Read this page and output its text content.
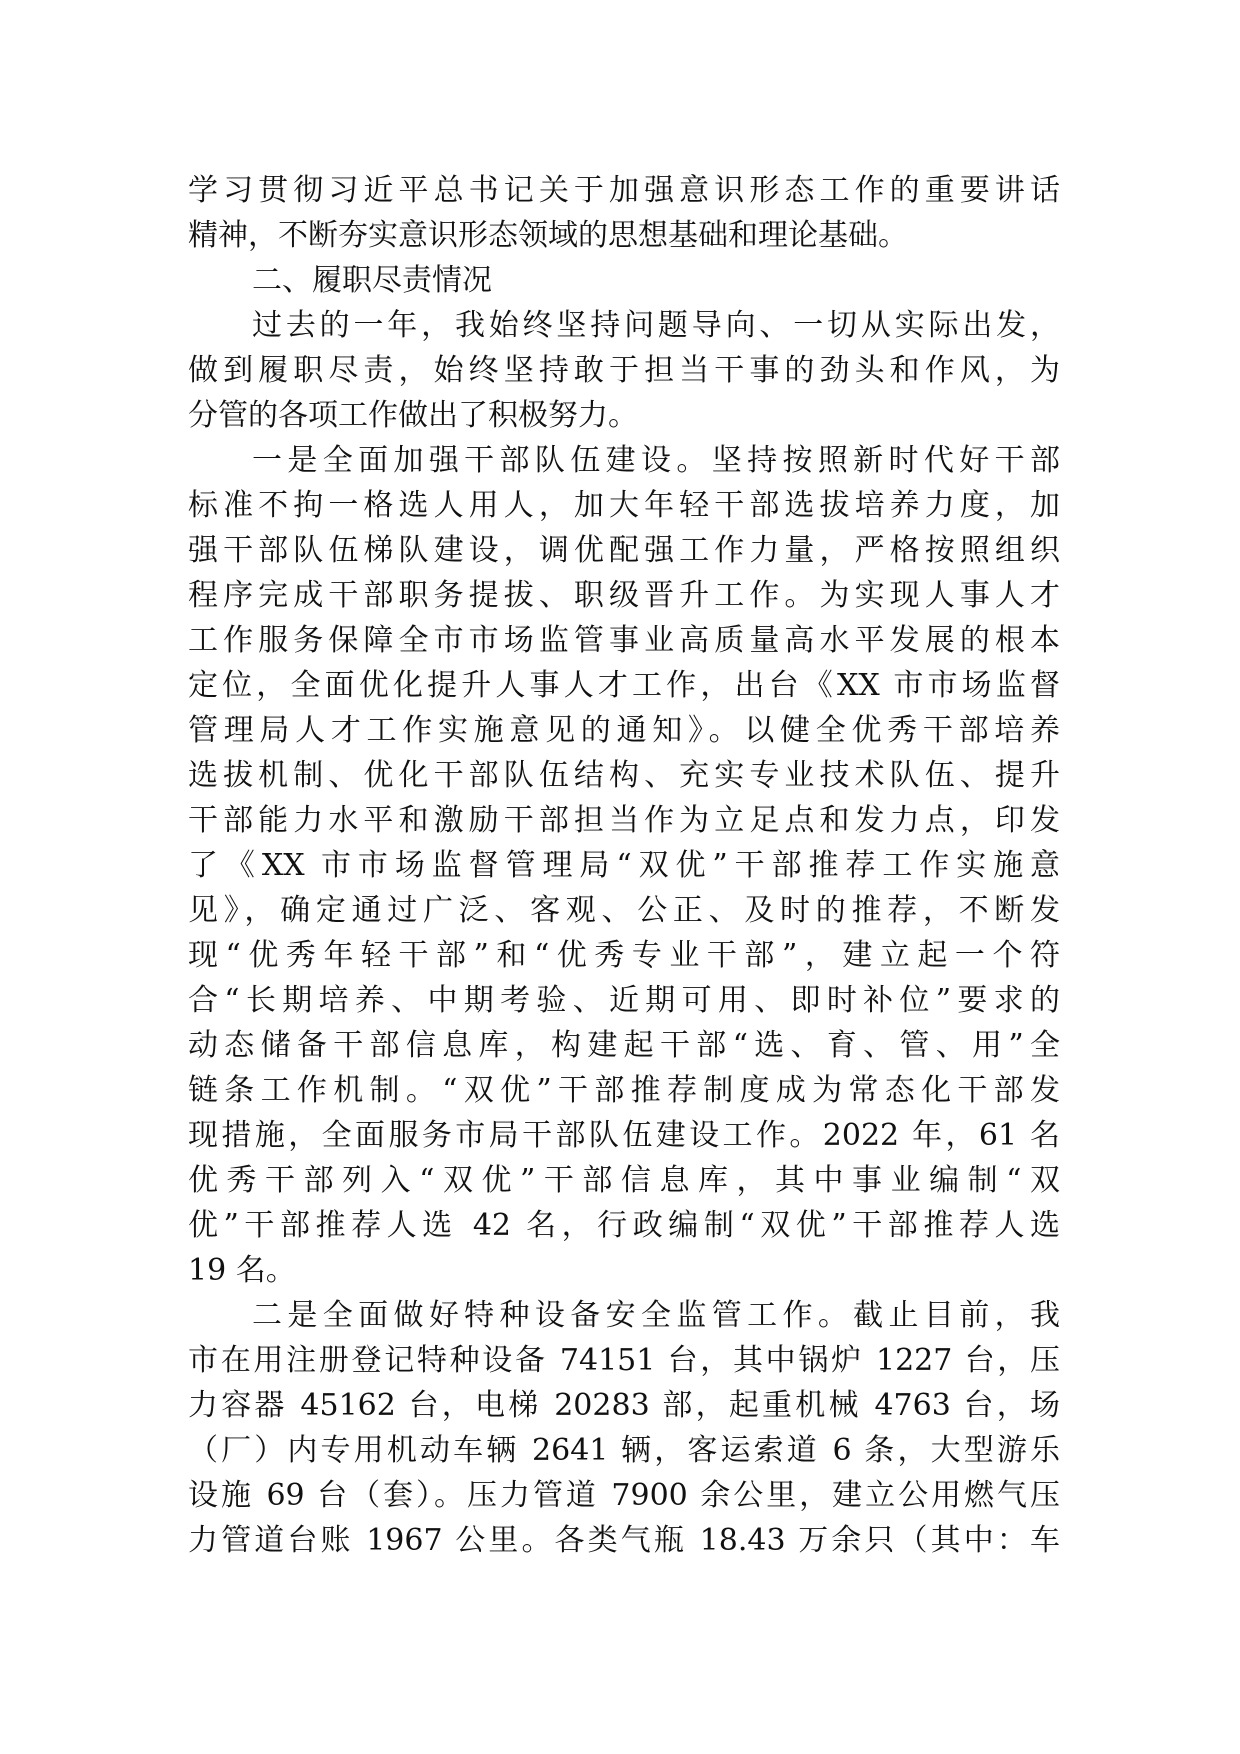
学习贯彻习近平总书记关于加强意识形态工作的重要讲话
精神，不断夯实意识形态领域的思想基础和理论基础。
二、履职尽责情况
过去的一年，我始终坚持问题导向、一切从实际出发，
做到履职尽责，始终坚持敢于担当干事的劲头和作风，为
分管的各项工作做出了积极努力。
一是全面加强干部队伍建设。坚持按照新时代好干部
标准不拘一格选人用人，加大年轻干部选拔培养力度，加
强干部队伍梯队建设，调优配强工作力量，严格按照组织
程序完成干部职务提拔、职级晋升工作。为实现人事人才
工作服务保障全市市场监管事业高质量高水平发展的根本
定位，全面优化提升人事人才工作，出台《XX 市市场监督
管理局人才工作实施意见的通知》。以健全优秀干部培养
选拔机制、优化干部队伍结构、充实专业技术队伍、提升
干部能力水平和激励干部担当作为立足点和发力点，印发
了《XX 市市场监督管理局“双优”干部推荐工作实施意
见》，确定通过广泛、客观、公正、及时的推荐，不断发
现“优秀年轻干部”和“优秀专业干部”，建立起一个符
合“长期培养、中期考验、近期可用、即时补位”要求的
动态储备干部信息库，构建起干部“选、育、管、用”全
链条工作机制。“双优”干部推荐制度成为常态化干部发
现措施，全面服务市局干部队伍建设工作。2022 年，61 名
优秀干部列入“双优”干部信息库，其中事业编制“双
优”干部推荐人选 42 名，行政编制“双优”干部推荐人选
19 名。
二是全面做好特种设备安全监管工作。截止目前，我
市在用注册登记特种设备 74151 台，其中锅炉 1227 台，压
力容器 45162 台，电梯 20283 部，起重机械 4763 台，场
（厂）内专用机动车辆 2641 辆，客运索道 6 条，大型游乐
设施 69 台（套）。压力管道 7900 余公里，建立公用燃气压
力管道台账 1967 公里。各类气瓶 18.43 万余只（其中：车
